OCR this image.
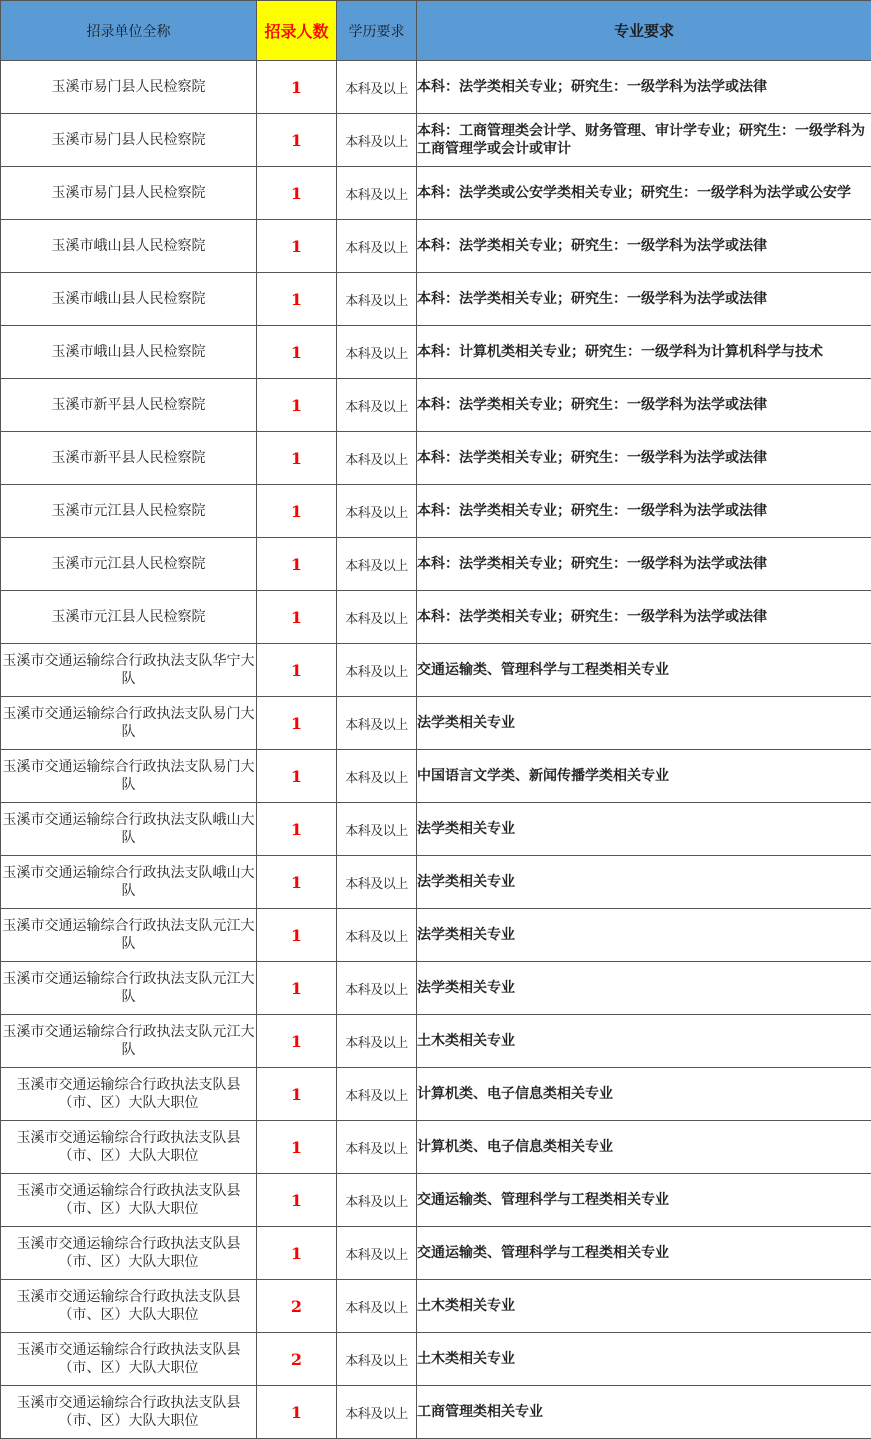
招录单位全称	招录人数	学历要求	专业要求
玉溪市易门县人民检察院	1	本科及以上	本科：法学类相关专业；研究生：一级学科为法学或法律
玉溪市易门县人民检察院	1	本科及以上	本科：工商管理类会计学、财务管理、审计学专业；研究生：一级学科为工商管理学或会计或审计
玉溪市易门县人民检察院	1	本科及以上	本科：法学类或公安学类相关专业；研究生：一级学科为法学或公安学
玉溪市峨山县人民检察院	1	本科及以上	本科：法学类相关专业；研究生：一级学科为法学或法律
玉溪市峨山县人民检察院	1	本科及以上	本科：法学类相关专业；研究生：一级学科为法学或法律
玉溪市峨山县人民检察院	1	本科及以上	本科：计算机类相关专业；研究生：一级学科为计算机科学与技术
玉溪市新平县人民检察院	1	本科及以上	本科：法学类相关专业；研究生：一级学科为法学或法律
玉溪市新平县人民检察院	1	本科及以上	本科：法学类相关专业；研究生：一级学科为法学或法律
玉溪市元江县人民检察院	1	本科及以上	本科：法学类相关专业；研究生：一级学科为法学或法律
玉溪市元江县人民检察院	1	本科及以上	本科：法学类相关专业；研究生：一级学科为法学或法律
玉溪市元江县人民检察院	1	本科及以上	本科：法学类相关专业；研究生：一级学科为法学或法律
玉溪市交通运输综合行政执法支队华宁大队	1	本科及以上	交通运输类、管理科学与工程类相关专业
玉溪市交通运输综合行政执法支队易门大队	1	本科及以上	法学类相关专业
玉溪市交通运输综合行政执法支队易门大队	1	本科及以上	中国语言文学类、新闻传播学类相关专业
玉溪市交通运输综合行政执法支队峨山大队	1	本科及以上	法学类相关专业
玉溪市交通运输综合行政执法支队峨山大队	1	本科及以上	法学类相关专业
玉溪市交通运输综合行政执法支队元江大队	1	本科及以上	法学类相关专业
玉溪市交通运输综合行政执法支队元江大队	1	本科及以上	法学类相关专业
玉溪市交通运输综合行政执法支队元江大队	1	本科及以上	土木类相关专业
玉溪市交通运输综合行政执法支队县（市、区）大队大职位	1	本科及以上	计算机类、电子信息类相关专业
玉溪市交通运输综合行政执法支队县（市、区）大队大职位	1	本科及以上	计算机类、电子信息类相关专业
玉溪市交通运输综合行政执法支队县（市、区）大队大职位	1	本科及以上	交通运输类、管理科学与工程类相关专业
玉溪市交通运输综合行政执法支队县（市、区）大队大职位	1	本科及以上	交通运输类、管理科学与工程类相关专业
玉溪市交通运输综合行政执法支队县（市、区）大队大职位	2	本科及以上	土木类相关专业
玉溪市交通运输综合行政执法支队县（市、区）大队大职位	2	本科及以上	土木类相关专业
玉溪市交通运输综合行政执法支队县（市、区）大队大职位	1	本科及以上	工商管理类相关专业
